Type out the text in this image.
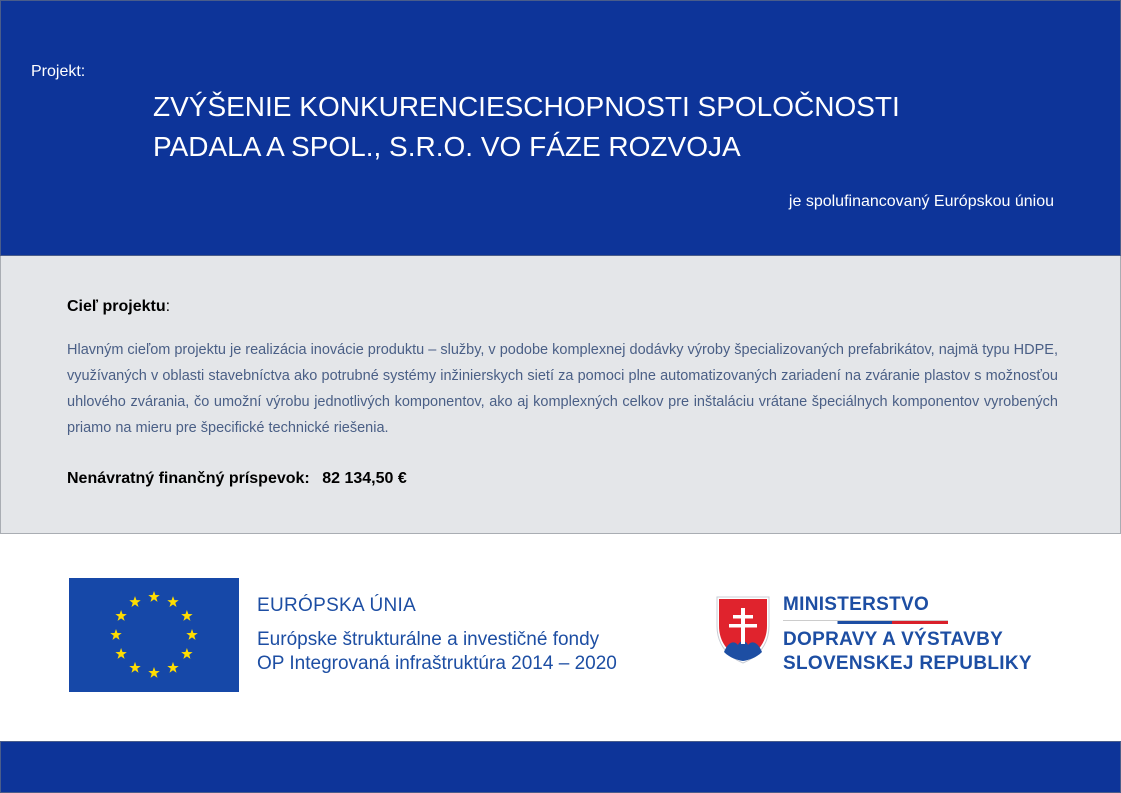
Projekt:
ZVÝŠENIE KONKURENCIESCHOPNOSTI SPOLOČNOSTI
PADALA A SPOL., S.R.O. VO FÁZE ROZVOJA
je spolufinancovaný Európskou úniou
Cieľ projektu:

Hlavným cieľom projektu je realizácia inovácie produktu – služby, v podobe komplexnej dodávky výroby špecializovaných prefabrikátov, najmä typu HDPE, využívaných v oblasti stavebníctva ako potrubné systémy inžinierskych sietí za pomoci plne automatizovaných zariadení na zváranie plastov s možnosťou uhlového zvárania, čo umožní výrobu jednotlivých komponentov, ako aj komplexných celkov pre inštaláciu vrátane špeciálnych komponentov vyrobených priamo na mieru pre špecifické technické riešenia.

Nenávratný finančný príspevok: 82 134,50 €
EURÓPSKA ÚNIA
Európske štrukturálne a investičné fondy
OP Integrovaná infraštruktúra 2014 – 2020
MINISTERSTVO
DOPRAVY A VÝSTAVBY
SLOVENSKEJ REPUBLIKY
